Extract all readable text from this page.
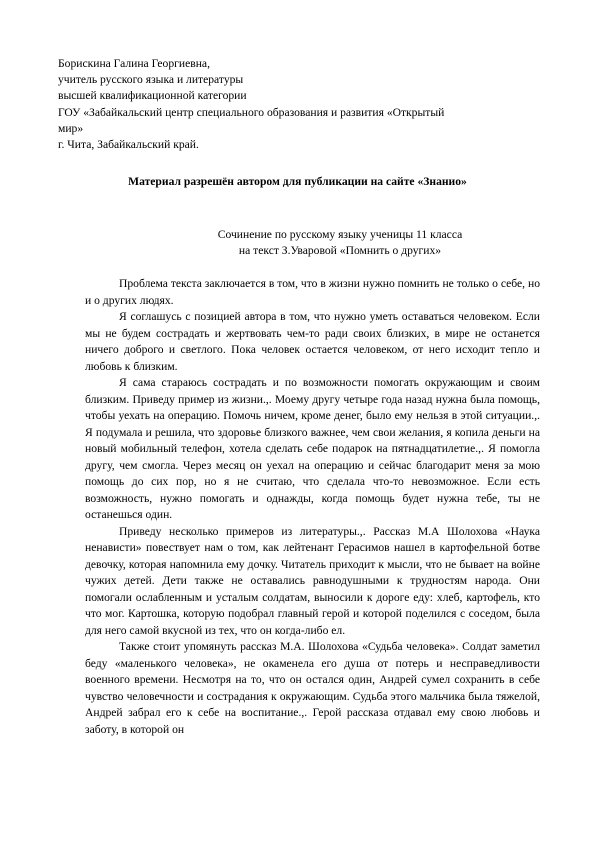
Борискина Галина Георгиевна,
учитель русского языка и литературы
высшей квалификационной категории
ГОУ «Забайкальский центр специального образования и развития «Открытый
мир»
г. Чита, Забайкальский край.
Материал разрешён автором для публикации на сайте «Знанио»
Сочинение по русскому языку ученицы 11 класса
на текст З.Уваровой «Помнить о других»

Проблема текста заключается в том, что в жизни нужно помнить не только о себе, но и о других людях.

Я соглашусь с позицией автора в том, что нужно уметь оставаться человеком. Если мы не будем сострадать и жертвовать чем-то ради своих близких, в мире не останется ничего доброго и светлого. Пока человек остается человеком, от него исходит тепло и любовь к близким.

Я сама стараюсь сострадать и по возможности помогать окружающим и своим близким. Приведу пример из жизни.,. Моему другу четыре года назад нужна была помощь, чтобы уехать на операцию. Помочь ничем, кроме денег, было ему нельзя в этой ситуации.,. Я подумала и решила, что здоровье близкого важнее, чем свои желания, я копила деньги на новый мобильный телефон, хотела сделать себе подарок на пятнадцатилетие.,. Я помогла другу, чем смогла. Через месяц он уехал на операцию и сейчас благодарит меня за мою помощь до сих пор, но я не считаю, что сделала что-то невозможное. Если есть возможность, нужно помогать и однажды, когда помощь будет нужна тебе, ты не останешься один.

Приведу несколько примеров из литературы.,. Рассказ М.А Шолохова «Наука ненависти» повествует нам о том, как лейтенант Герасимов нашел в картофельной ботве девочку, которая напомнила ему дочку. Читатель приходит к мысли, что не бывает на войне чужих детей. Дети также не оставались равнодушными к трудностям народа. Они помогали ослабленным и усталым солдатам, выносили к дороге еду: хлеб, картофель, кто что мог. Картошка, которую подобрал главный герой и которой поделился с соседом, была для него самой вкусной из тех, что он когда-либо ел.

Также стоит упомянуть рассказ М.А. Шолохова «Судьба человека». Солдат заметил беду «маленького человека», не окаменела его душа от потерь и несправедливости военного времени. Несмотря на то, что он остался один, Андрей сумел сохранить в себе чувство человечности и сострадания к окружающим. Судьба этого мальчика была тяжелой, Андрей забрал его к себе на воспитание.,. Герой рассказа отдавал ему свою любовь и заботу, в которой он
